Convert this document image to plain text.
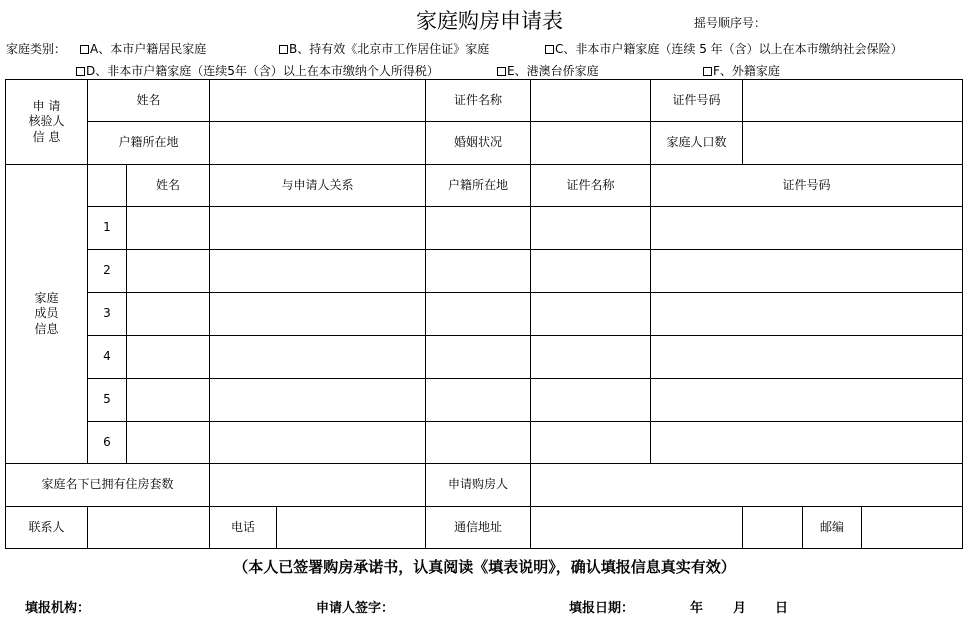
家庭购房申请表	摇号顺序号：
家庭类别：	A、本市户籍居民家庭	B、持有效《北京市工作居住证》家庭	C、非本市户籍家庭（连续 5 年（含）以上在本市缴纳社会保险）
D、非本市户籍家庭（连续5年（含）以上在本市缴纳个人所得税）	E、港澳台侨家庭	F、外籍家庭
申 请
核验人
信 息	姓名				证件名称		证件号码			
	户籍所在地				婚姻状况		家庭人口数			
家庭
成员
信息		姓名	与申请人关系		户籍所在地	证件名称	证件号码			
	1									
	2									
	3									
	4									
	5									
	6									
家庭名下已拥有住房套数					申请购房人					
联系人			电话		通信地址				邮编	
（本人已签署购房承诺书，认真阅读《填表说明》，确认填报信息真实有效）
填报机构：	申请人签字：	填报日期：	年 月 日
